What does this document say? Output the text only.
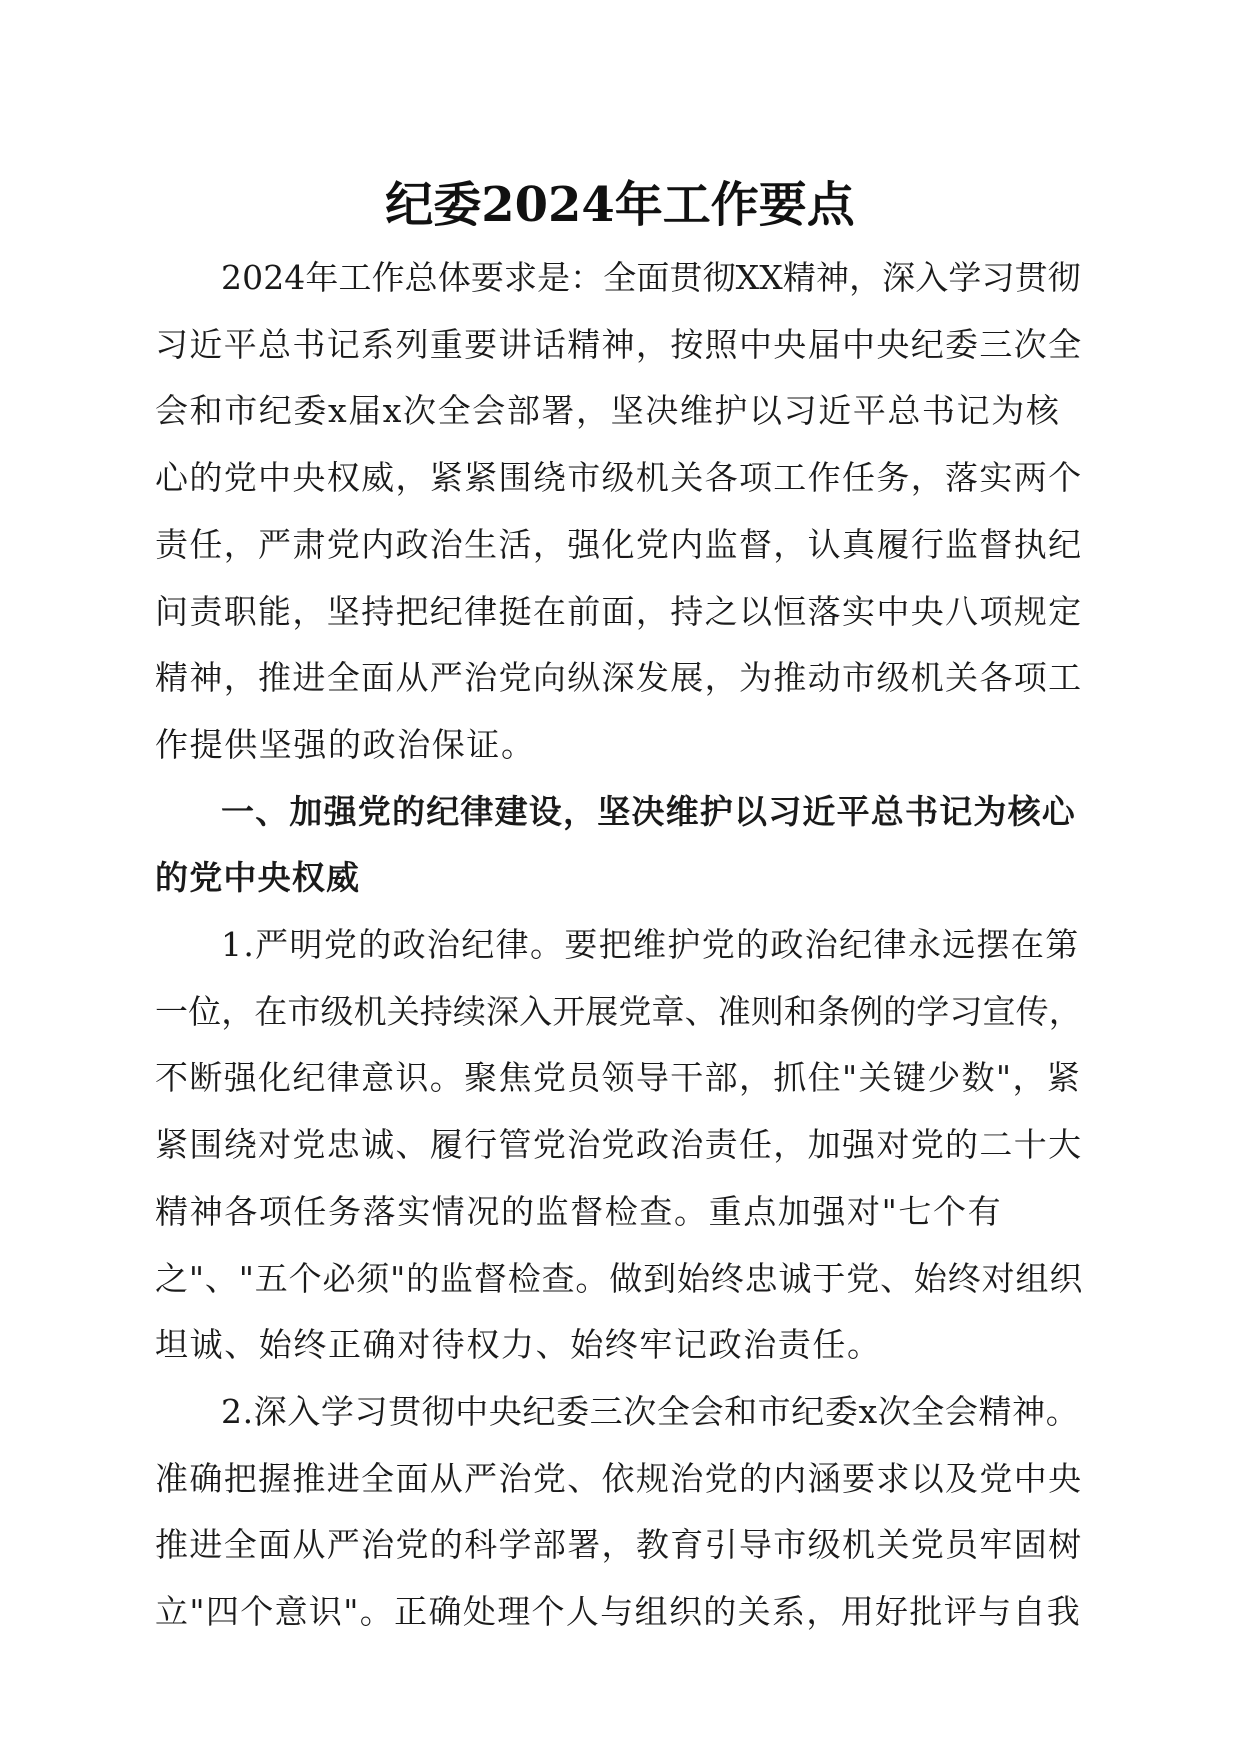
纪委2024年工作要点

2024年工作总体要求是：全面贯彻XX精神，深入学习贯彻
习近平总书记系列重要讲话精神，按照中央届中央纪委三次全
会和市纪委x届x次全会部署，坚决维护以习近平总书记为核
心的党中央权威，紧紧围绕市级机关各项工作任务，落实两个
责任，严肃党内政治生活，强化党内监督，认真履行监督执纪
问责职能，坚持把纪律挺在前面，持之以恒落实中央八项规定
精神，推进全面从严治党向纵深发展，为推动市级机关各项工
作提供坚强的政治保证。

一、加强党的纪律建设，坚决维护以习近平总书记为核心
的党中央权威

1.严明党的政治纪律。要把维护党的政治纪律永远摆在第
一位，在市级机关持续深入开展党章、准则和条例的学习宣传，
不断强化纪律意识。聚焦党员领导干部，抓住"关键少数"，紧
紧围绕对党忠诚、履行管党治党政治责任，加强对党的二十大
精神各项任务落实情况的监督检查。重点加强对"七个有
之"、"五个必须"的监督检查。做到始终忠诚于党、始终对组织
坦诚、始终正确对待权力、始终牢记政治责任。

2.深入学习贯彻中央纪委三次全会和市纪委x次全会精神。
准确把握推进全面从严治党、依规治党的内涵要求以及党中央
推进全面从严治党的科学部署，教育引导市级机关党员牢固树
立"四个意识"。正确处理个人与组织的关系，用好批评与自我
